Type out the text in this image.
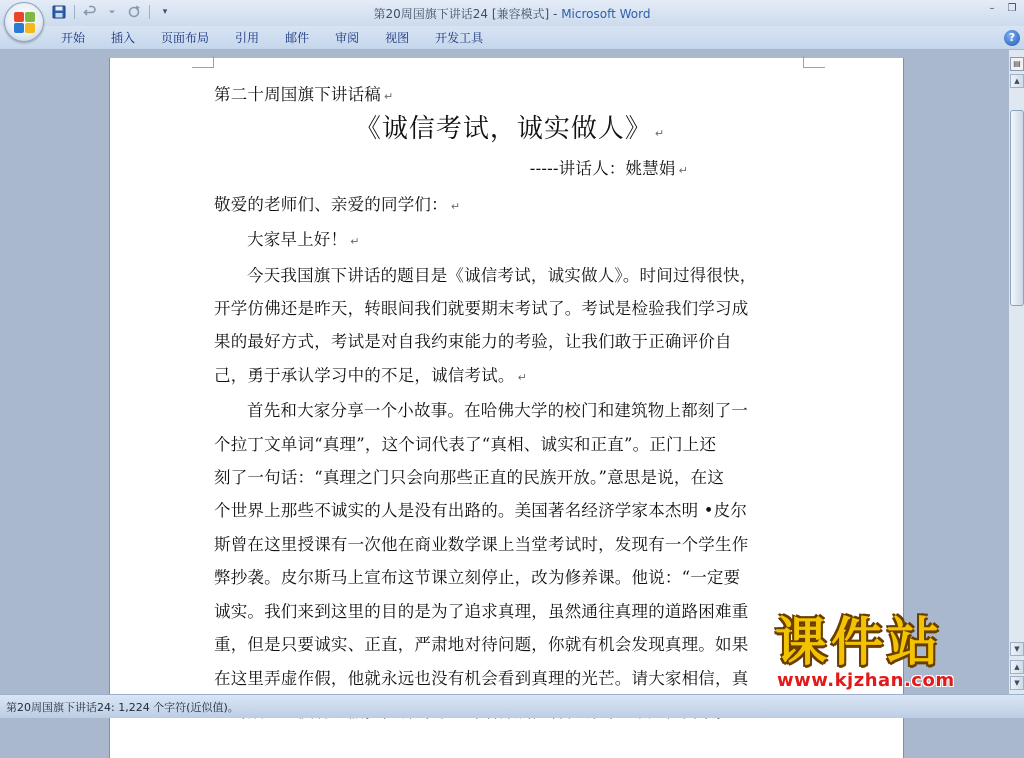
▾	第20周国旗下讲话24 [兼容模式] - Microsoft Word	–	❐
开始	插入	页面布局	引用	邮件	审阅	视图	开发工具	?
第二十周国旗下讲话稿 ↵
《诚信考试，诚实做人》 ↵
-----讲话人：姚慧娟 ↵
敬爱的老师们、亲爱的同学们： ↵
大家早上好！ ↵
今天我国旗下讲话的题目是《诚信考试，诚实做人》。时间过得很快，
开学仿佛还是昨天，转眼间我们就要期末考试了。考试是检验我们学习成
果的最好方式，考试是对自我约束能力的考验，让我们敢于正确评价自
己，勇于承认学习中的不足，诚信考试。 ↵
首先和大家分享一个小故事。在哈佛大学的校门和建筑物上都刻了一
个拉丁文单词“真理”，这个词代表了“真相、诚实和正直”。正门上还
刻了一句话：“真理之门只会向那些正直的民族开放。”意思是说，在这
个世界上那些不诚实的人是没有出路的。美国著名经济学家本杰明 •皮尔
斯曾在这里授课有一次他在商业数学课上当堂考试时，发现有一个学生作
弊抄袭。皮尔斯马上宣布这节课立刻停止，改为修养课。他说：“一定要
诚实。我们来到这里的目的是为了追求真理，虽然通往真理的道路困难重
重，但是只要诚实、正直，严肃地对待问题，你就有机会发现真理。如果
在这里弄虚作假，他就永远也没有机会看到真理的光芒。请大家相信，真
▤
▲
▼
▲
▼
第20周国旗下讲话24: 1,224 个字符(近似值)。
课件站
www.kjzhan.com
